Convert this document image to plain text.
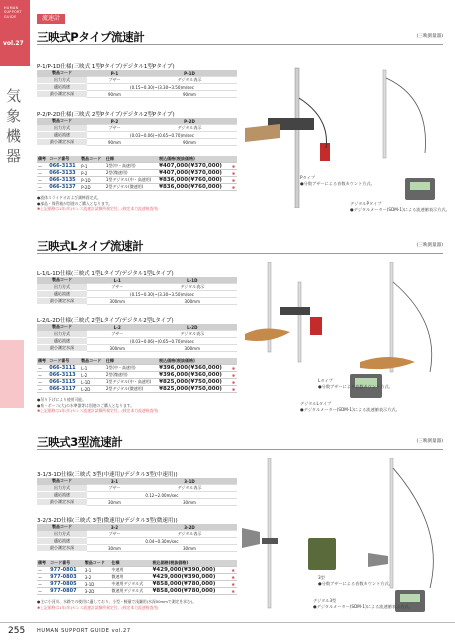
HUMAN
SUPPORT
GUIDE
vol.27
気象機器
流速計
三映式Pタイプ流速計	(三映測量器)
P-1/P-1D仕様(三映式 1型Pタイプ/デジタル1型Pタイプ)
製品コード	P-1	P-1D
出力方式	ブザー	デジタル表示
適応流速	(0.15~0.30)~(3.30~3.50)m/sec	
最小測定水深	90mm	90mm
P-2/P-2D仕様(三映式 2型Pタイプ/デジタル2型Pタイプ)
製品コード	P-2	P-2D
出力方式	ブザー	デジタル表示
適応流速	(0.03~0.06)~(0.65~0.70)m/sec	
最小測定水深	90mm	90mm
備考	コード番号	製品コード	仕様	税込価格(税抜価格)	
—	066-3131	P-1	1型(中・高速用)	¥407,000(¥370,000)	✱
—	066-3133	P-2	2型(微速用)	¥407,000(¥370,000)	✱
—	066-3135	P-1D	1型デジタル(中・高速用)	¥836,000(¥760,000)	✱
—	066-3137	P-2D	2型デジタル(微速用)	¥836,000(¥760,000)	✱
●流体スライドオおよび測棒固定式。
●部品・保管箱が別途のご購入となります。
✱上記価格は1年(年)セレス流速計試験所検定付。(検定本力流速検査用)
Pタイプ
●分数ブザーによる音数カウント方式。
デジタルPタイプ
●デジタルメーター(SDM-1)による流速値表示方式。
三映式Lタイプ流速計	(三映測量器)
L-1/L-1D仕様(三映式 1型Lタイプ/デジタル1型Lタイプ)
製品コード	L-1	L-1D
出力方式	ブザー	デジタル表示
適応流速	(0.15~0.30)~(3.30~3.50)m/sec	
最小測定水深	300mm	300mm
L-2/L-2D仕様(三映式 2型Lタイプ/デジタル2型Lタイプ)
製品コード	L-2	L-2D
出力方式	ブザー	デジタル表示
適応流速	(0.03~0.06)~(0.65~0.70)m/sec	
最小測定水深	300mm	300mm
備考	コード番号	製品コード	仕様	税込価格(税抜価格)	
—	066-3111	L-1	1型(中・高速用)	¥396,000(¥360,000)	✱
—	066-3113	L-2	2型(微速用)	¥396,000(¥360,000)	✱
—	066-3115	L-1D	1型デジタル(中・高速用)	¥825,000(¥750,000)	✱
—	066-3117	L-2D	2型デジタル(微速用)	¥825,000(¥750,000)	✱
●吊り下げにより使用可能。
●糸・ボーコ(大)の水準器等は別途のご購入となります。
✱上記価格は1年(年)セレス流速計試験所検定付。(検定本力流速検査用)
Lタイプ
●分数ブザーによる音数カウント方式。
デジタルLタイプ
●デジタルメーター(SDM-1)による流速値表示方式。
三映式3型流速計	(三映測量器)
3-1/3-1D仕様(三映式 3型(中速用)/デジタル3型(中速用))
製品コード	3-1	3-1D
出力方式	ブザー	デジタル表示
適応流速	0.12~2.00m/sec	
最小測定水深	30mm	30mm
3-2/3-2D仕様(三映式 3型(微速用)/デジタル3型(微速用))
製品コード	3-2	3-2D
出力方式	ブザー	デジタル表示
適応流速	0.04~0.30m/sec	
最小測定水深	30mm	30mm
備考	コード番号	製品コード	仕様	税込価格(税抜価格)	
—	977-0801	3-1	中速用	¥429,000(¥390,000)	✱
—	977-0803	3-2	微速用	¥429,000(¥390,000)	✱
—	977-0805	3-1D	中速用デジタル式	¥858,000(¥780,000)	✱
—	977-0807	3-2D	微速用デジタル式	¥858,000(¥780,000)	✱
●主に小河川、水路での使用に適しており、小型・軽量で浅瀬用(水深50mmで測定を求む)。
✱上記価格は1年(年)セレス流速計試験所検定付。(検定本力流速検査用)
3型
●分数ブザーによる音数カウント方式。
デジタル3型
●デジタルメーター(SDM-1)による流速値表示方式。
255 HUMAN SUPPORT GUIDE vol.27
